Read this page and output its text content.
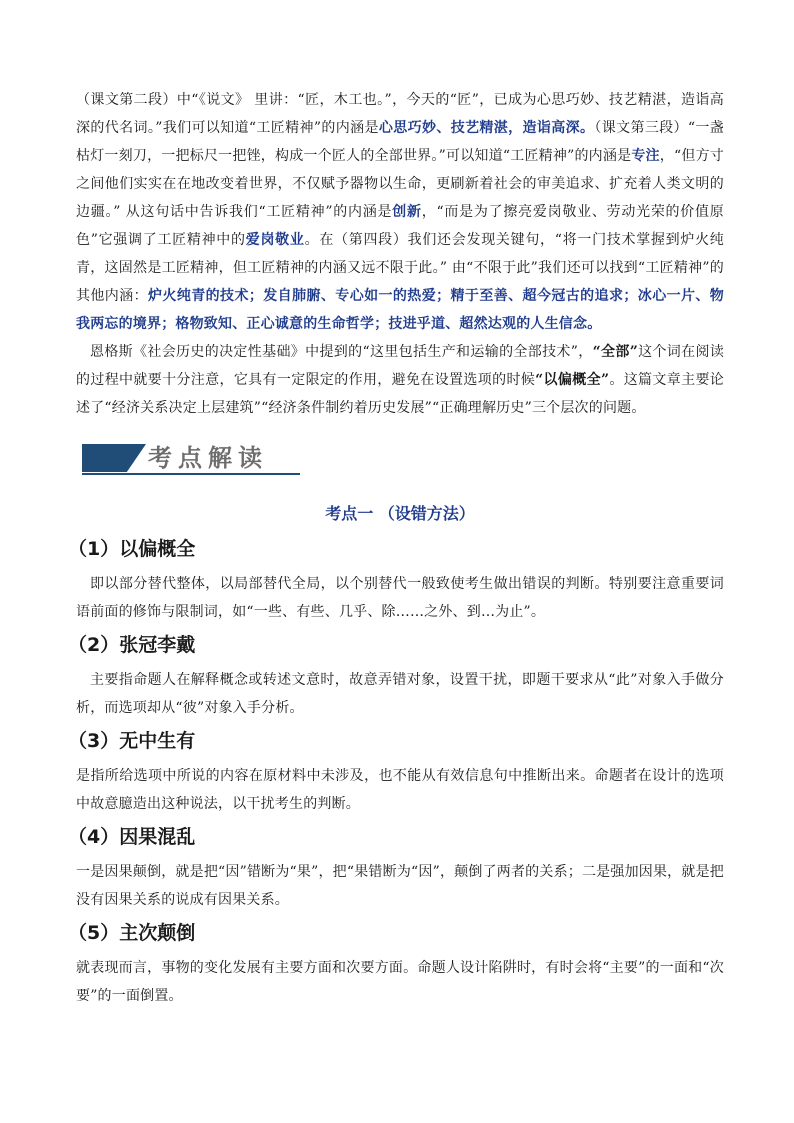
（课文第二段）中“《说文》 里讲：“匠，木工也。”，今天的“匠”，已成为心思巧妙、技艺精湛，造诣高深的代名词。”我们可以知道“工匠精神”的内涵是心思巧妙、技艺精湛，造诣高深。（课文第三段）“一盏枯灯一刻刀，一把标尺一把锉，构成一个匠人的全部世界。”可以知道“工匠精神”的内涵是专注，“但方寸之间他们实实在在地改变着世界，不仅赋予器物以生命，更刷新着社会的审美追求、扩充着人类文明的边疆。” 从这句话中告诉我们“工匠精神”的内涵是创新，“而是为了擦亮爱岗敬业、劳动光荣的价值原色”它强调了工匠精神中的爱岗敬业。在（第四段）我们还会发现关键句，“将一门技术掌握到炉火纯青，这固然是工匠精神，但工匠精神的内涵又远不限于此。” 由“不限于此”我们还可以找到“工匠精神”的其他内涵：炉火纯青的技术；发自肺腑、专心如一的热爱；精于至善、超今冠古的追求；冰心一片、物我两忘的境界；格物致知、正心诚意的生命哲学；技进乎道、超然达观的人生信念。

恩格斯《社会历史的决定性基础》中提到的“这里包括生产和运输的全部技术”，“全部”这个词在阅读的过程中就要十分注意，它具有一定限定的作用，避免在设置选项的时候“以偏概全”。这篇文章主要论述了“经济关系决定上层建筑”“经济条件制约着历史发展”“正确理解历史”三个层次的问题。

考点解读
考点一 （设错方法）
（1）以偏概全

即以部分替代整体，以局部替代全局，以个别替代一般致使考生做出错误的判断。特别要注意重要词语前面的修饰与限制词，如“一些、有些、几乎、除……之外、到…为止”。

（2）张冠李戴

主要指命题人在解释概念或转述文意时，故意弄错对象，设置干扰，即题干要求从“此”对象入手做分析，而选项却从“彼”对象入手分析。

（3）无中生有

是指所给选项中所说的内容在原材料中未涉及，也不能从有效信息句中推断出来。命题者在设计的选项中故意臆造出这种说法，以干扰考生的判断。

（4）因果混乱

一是因果颠倒，就是把“因”错断为“果”，把“果错断为“因”，颠倒了两者的关系；二是强加因果，就是把没有因果关系的说成有因果关系。

（5）主次颠倒

就表现而言，事物的变化发展有主要方面和次要方面。命题人设计陷阱时，有时会将“主要”的一面和“次要”的一面倒置。
